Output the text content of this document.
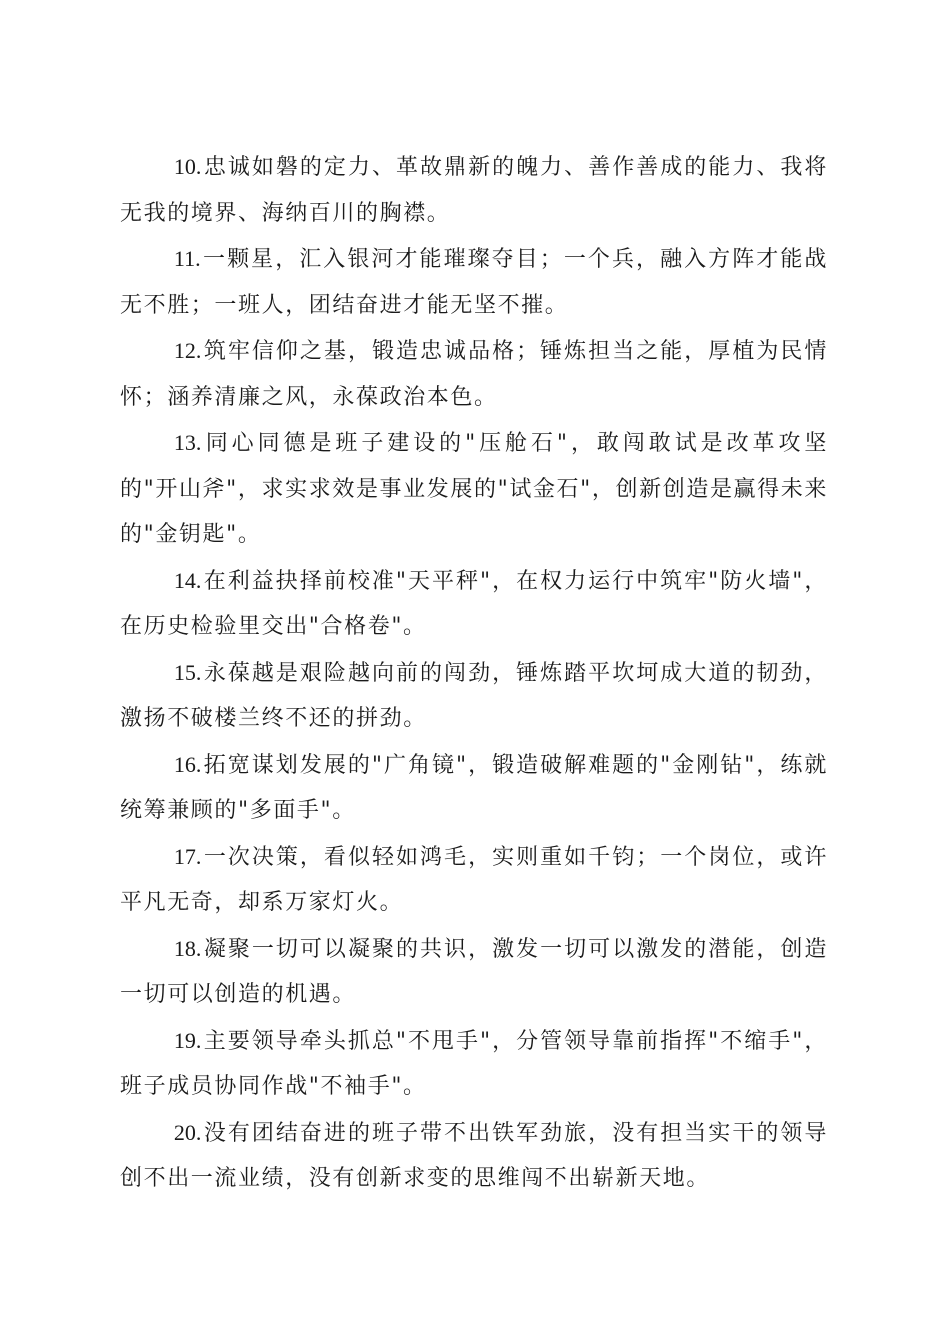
10.忠诚如磐的定力、革故鼎新的魄力、善作善成的能力、我将无我的境界、海纳百川的胸襟。

11.一颗星，汇入银河才能璀璨夺目；一个兵，融入方阵才能战无不胜；一班人，团结奋进才能无坚不摧。

12.筑牢信仰之基，锻造忠诚品格；锤炼担当之能，厚植为民情怀；涵养清廉之风，永葆政治本色。

13.同心同德是班子建设的"压舱石"，敢闯敢试是改革攻坚的"开山斧"，求实求效是事业发展的"试金石"，创新创造是赢得未来的"金钥匙"。

14.在利益抉择前校准"天平秤"，在权力运行中筑牢"防火墙"，在历史检验里交出"合格卷"。

15.永葆越是艰险越向前的闯劲，锤炼踏平坎坷成大道的韧劲，激扬不破楼兰终不还的拼劲。

16.拓宽谋划发展的"广角镜"，锻造破解难题的"金刚钻"，练就统筹兼顾的"多面手"。

17.一次决策，看似轻如鸿毛，实则重如千钧；一个岗位，或许平凡无奇，却系万家灯火。

18.凝聚一切可以凝聚的共识，激发一切可以激发的潜能，创造一切可以创造的机遇。

19.主要领导牵头抓总"不甩手"，分管领导靠前指挥"不缩手"，班子成员协同作战"不袖手"。

20.没有团结奋进的班子带不出铁军劲旅，没有担当实干的领导创不出一流业绩，没有创新求变的思维闯不出崭新天地。
